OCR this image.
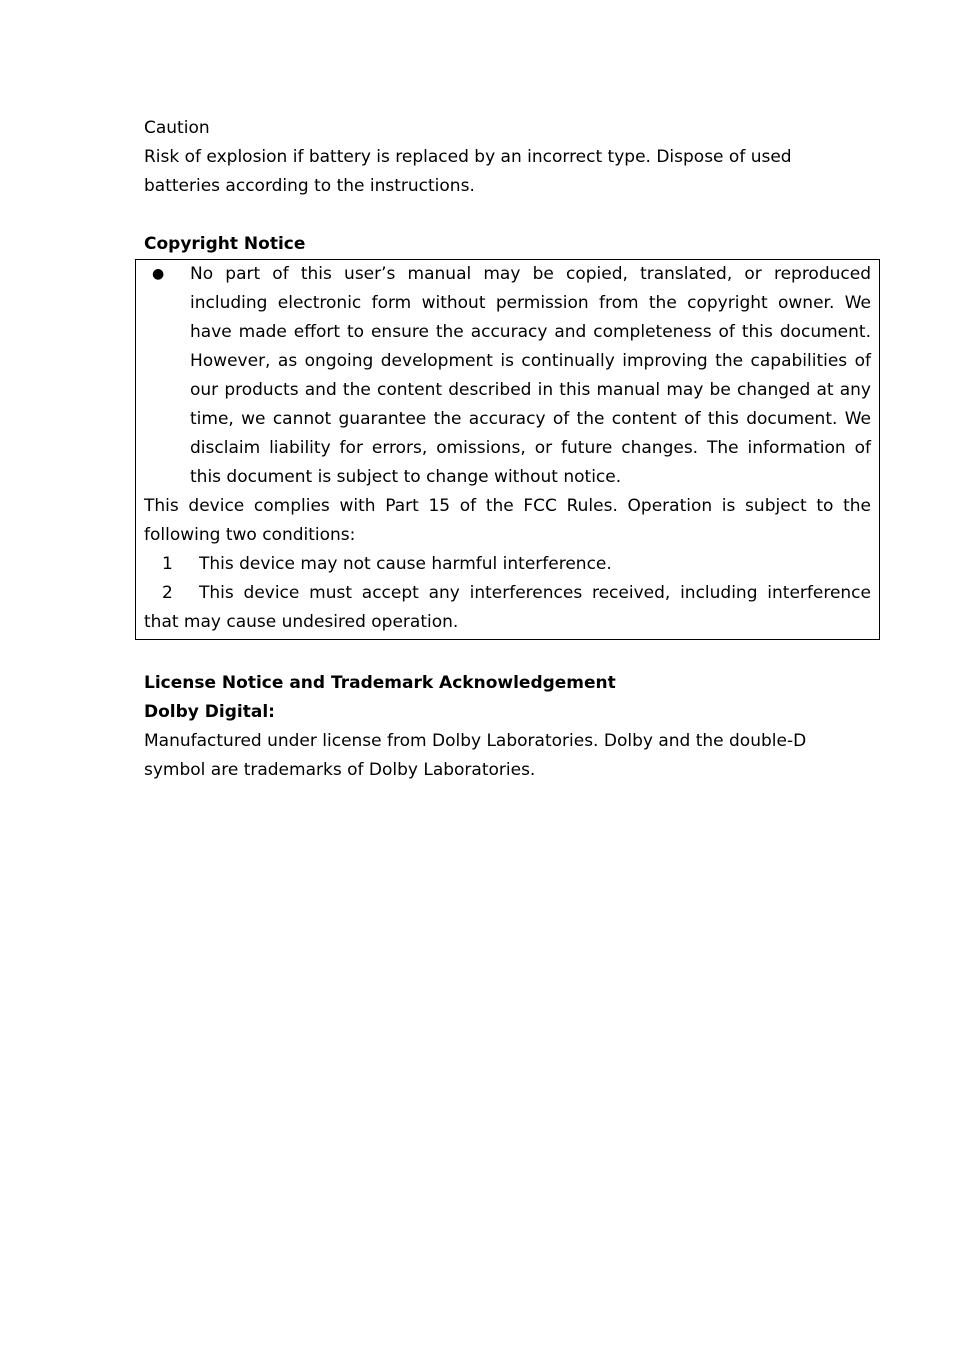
Caution

Risk of explosion if battery is replaced by an incorrect type. Dispose of used

batteries according to the instructions.

Copyright Notice

●	No part of this user’s manual may be copied, translated, or reproduced including electronic form without permission from the copyright owner. We have made effort to ensure the accuracy and completeness of this document. However, as ongoing development is continually improving the capabilities of our products and the content described in this manual may be changed at any time, we cannot guarantee the accuracy of the content of this document. We disclaim liability for errors, omissions, or future changes. The information of this document is subject to change without notice.
This device complies with Part 15 of the FCC Rules. Operation is subject to the following two conditions:
1 This device may not cause harmful interference.
2 This device must accept any interferences received, including interference that may cause undesired operation.

License Notice and Trademark Acknowledgement

Dolby Digital:

Manufactured under license from Dolby Laboratories. Dolby and the double-D

symbol are trademarks of Dolby Laboratories.
